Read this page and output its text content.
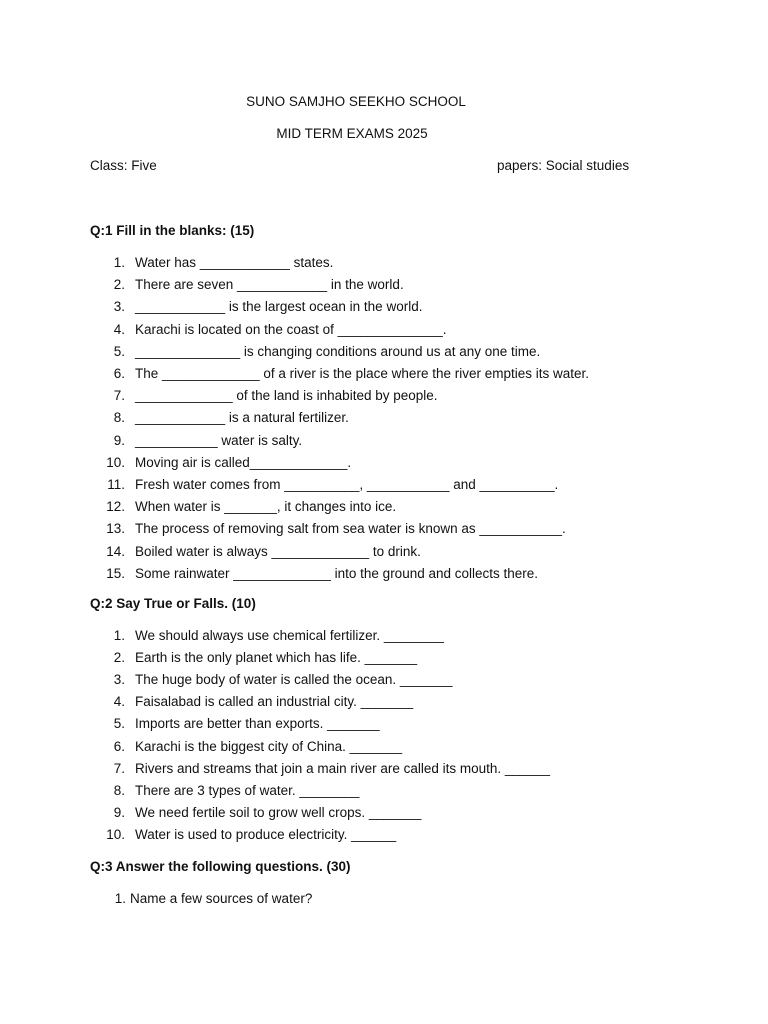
SUNO SAMJHO SEEKHO SCHOOL
MID TERM EXAMS 2025
Class: Five	papers: Social studies
Q:1 Fill in the blanks: (15)
Q:2 Say True or Falls. (10)
Q:3 Answer the following questions. (30)
1. Water has ____________ states.
2. There are seven ____________ in the world.
3. ____________ is the largest ocean in the world.
4. Karachi is located on the coast of ______________.
5. ______________ is changing conditions around us at any one time.
6. The _____________ of a river is the place where the river empties its water.
7. _____________ of the land is inhabited by people.
8. ____________ is a natural fertilizer.
9. ___________ water is salty.
10. Moving air is called_____________.
11. Fresh water comes from __________, ___________ and __________.
12. When water is _______, it changes into ice.
13. The process of removing salt from sea water is known as ___________.
14. Boiled water is always _____________ to drink.
15. Some rainwater _____________ into the ground and collects there.
1. We should always use chemical fertilizer. ________
2. Earth is the only planet which has life. _______
3. The huge body of water is called the ocean. _______
4. Faisalabad is called an industrial city. _______
5. Imports are better than exports. _______
6. Karachi is the biggest city of China. _______
7. Rivers and streams that join a main river are called its mouth. ______
8. There are 3 types of water. ________
9. We need fertile soil to grow well crops. _______
10. Water is used to produce electricity. ______
1. Name a few sources of water?
